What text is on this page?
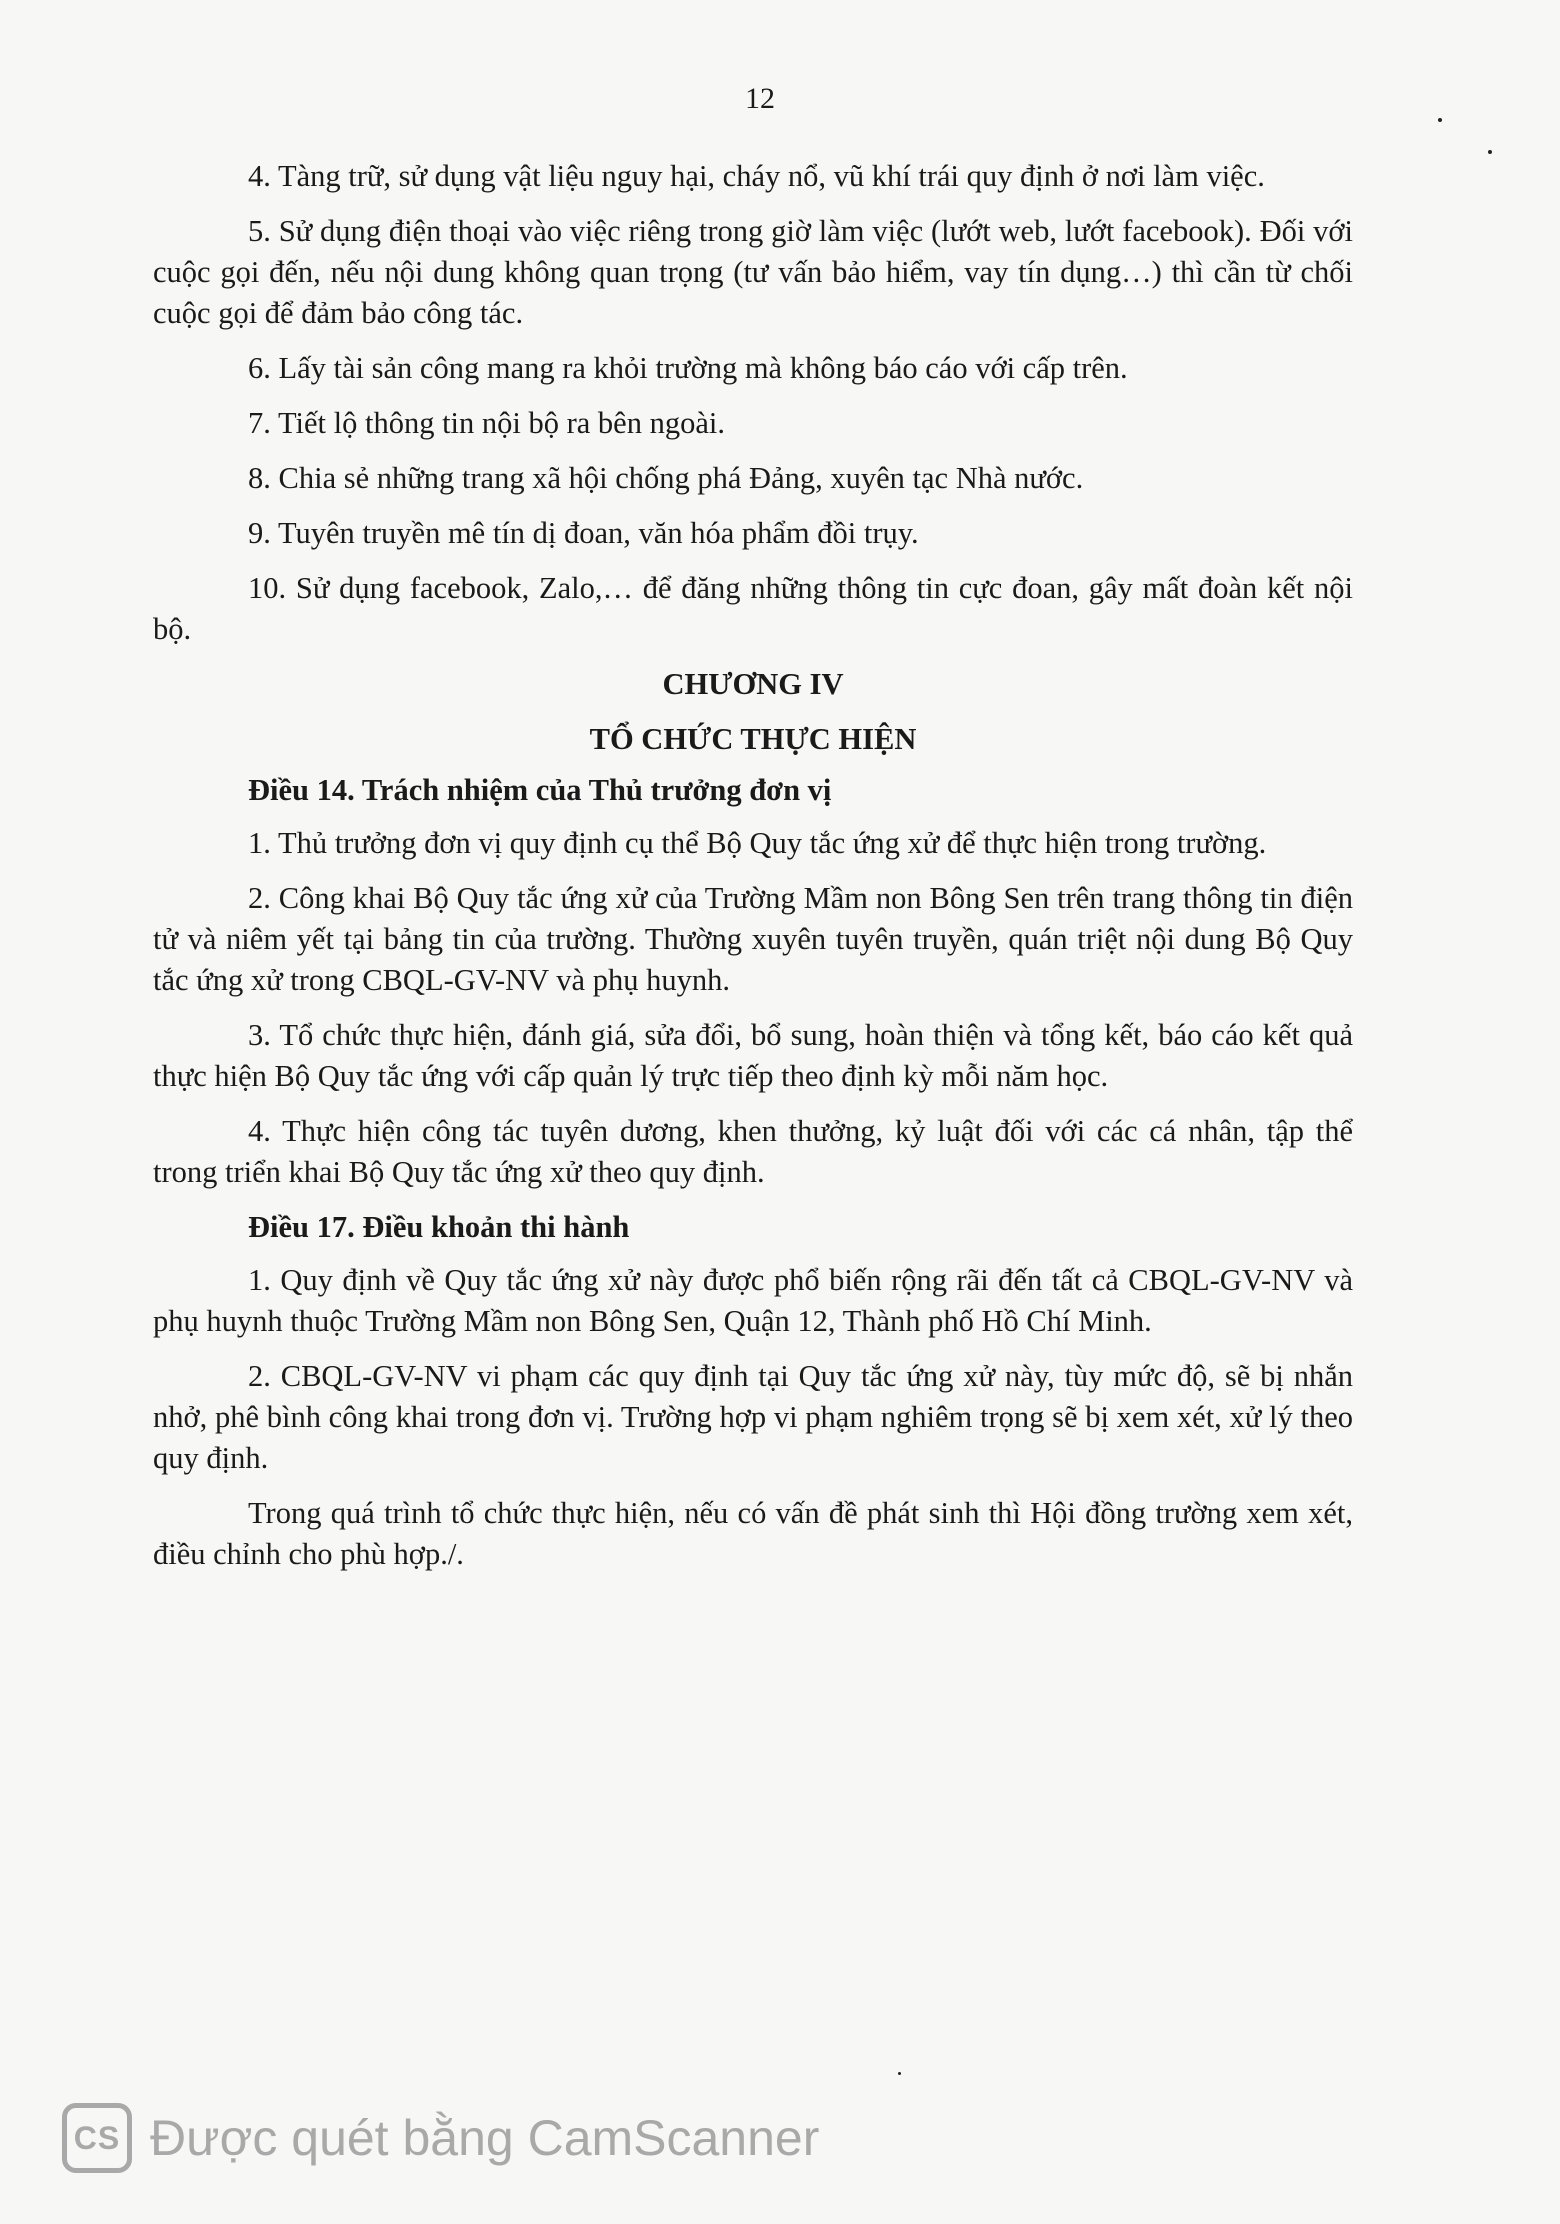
12

4. Tàng trữ, sử dụng vật liệu nguy hại, cháy nổ, vũ khí trái quy định ở nơi làm việc.

5. Sử dụng điện thoại vào việc riêng trong giờ làm việc (lướt web, lướt facebook). Đối với cuộc gọi đến, nếu nội dung không quan trọng (tư vấn bảo hiểm, vay tín dụng…) thì cần từ chối cuộc gọi để đảm bảo công tác.

6. Lấy tài sản công mang ra khỏi trường mà không báo cáo với cấp trên.

7. Tiết lộ thông tin nội bộ ra bên ngoài.

8. Chia sẻ những trang xã hội chống phá Đảng, xuyên tạc Nhà nước.

9. Tuyên truyền mê tín dị đoan, văn hóa phẩm đồi trụy.

10. Sử dụng facebook, Zalo,… để đăng những thông tin cực đoan, gây mất đoàn kết nội bộ.

CHƯƠNG IV
TỔ CHỨC THỰC HIỆN
Điều 14. Trách nhiệm của Thủ trưởng đơn vị

1. Thủ trưởng đơn vị quy định cụ thể Bộ Quy tắc ứng xử để thực hiện trong trường.

2. Công khai Bộ Quy tắc ứng xử của Trường Mầm non Bông Sen trên trang thông tin điện tử và niêm yết tại bảng tin của trường. Thường xuyên tuyên truyền, quán triệt nội dung Bộ Quy tắc ứng xử trong CBQL-GV-NV và phụ huynh.

3. Tổ chức thực hiện, đánh giá, sửa đổi, bổ sung, hoàn thiện và tổng kết, báo cáo kết quả thực hiện Bộ Quy tắc ứng với cấp quản lý trực tiếp theo định kỳ mỗi năm học.

4. Thực hiện công tác tuyên dương, khen thưởng, kỷ luật đối với các cá nhân, tập thể trong triển khai Bộ Quy tắc ứng xử theo quy định.

Điều 17. Điều khoản thi hành

1. Quy định về Quy tắc ứng xử này được phổ biến rộng rãi đến tất cả CBQL-GV-NV và phụ huynh thuộc Trường Mầm non Bông Sen, Quận 12, Thành phố Hồ Chí Minh.

2. CBQL-GV-NV vi phạm các quy định tại Quy tắc ứng xử này, tùy mức độ, sẽ bị nhắn nhở, phê bình công khai trong đơn vị. Trường hợp vi phạm nghiêm trọng sẽ bị xem xét, xử lý theo quy định.

Trong quá trình tổ chức thực hiện, nếu có vấn đề phát sinh thì Hội đồng trường xem xét, điều chỉnh cho phù hợp./.

CS Được quét bằng CamScanner
